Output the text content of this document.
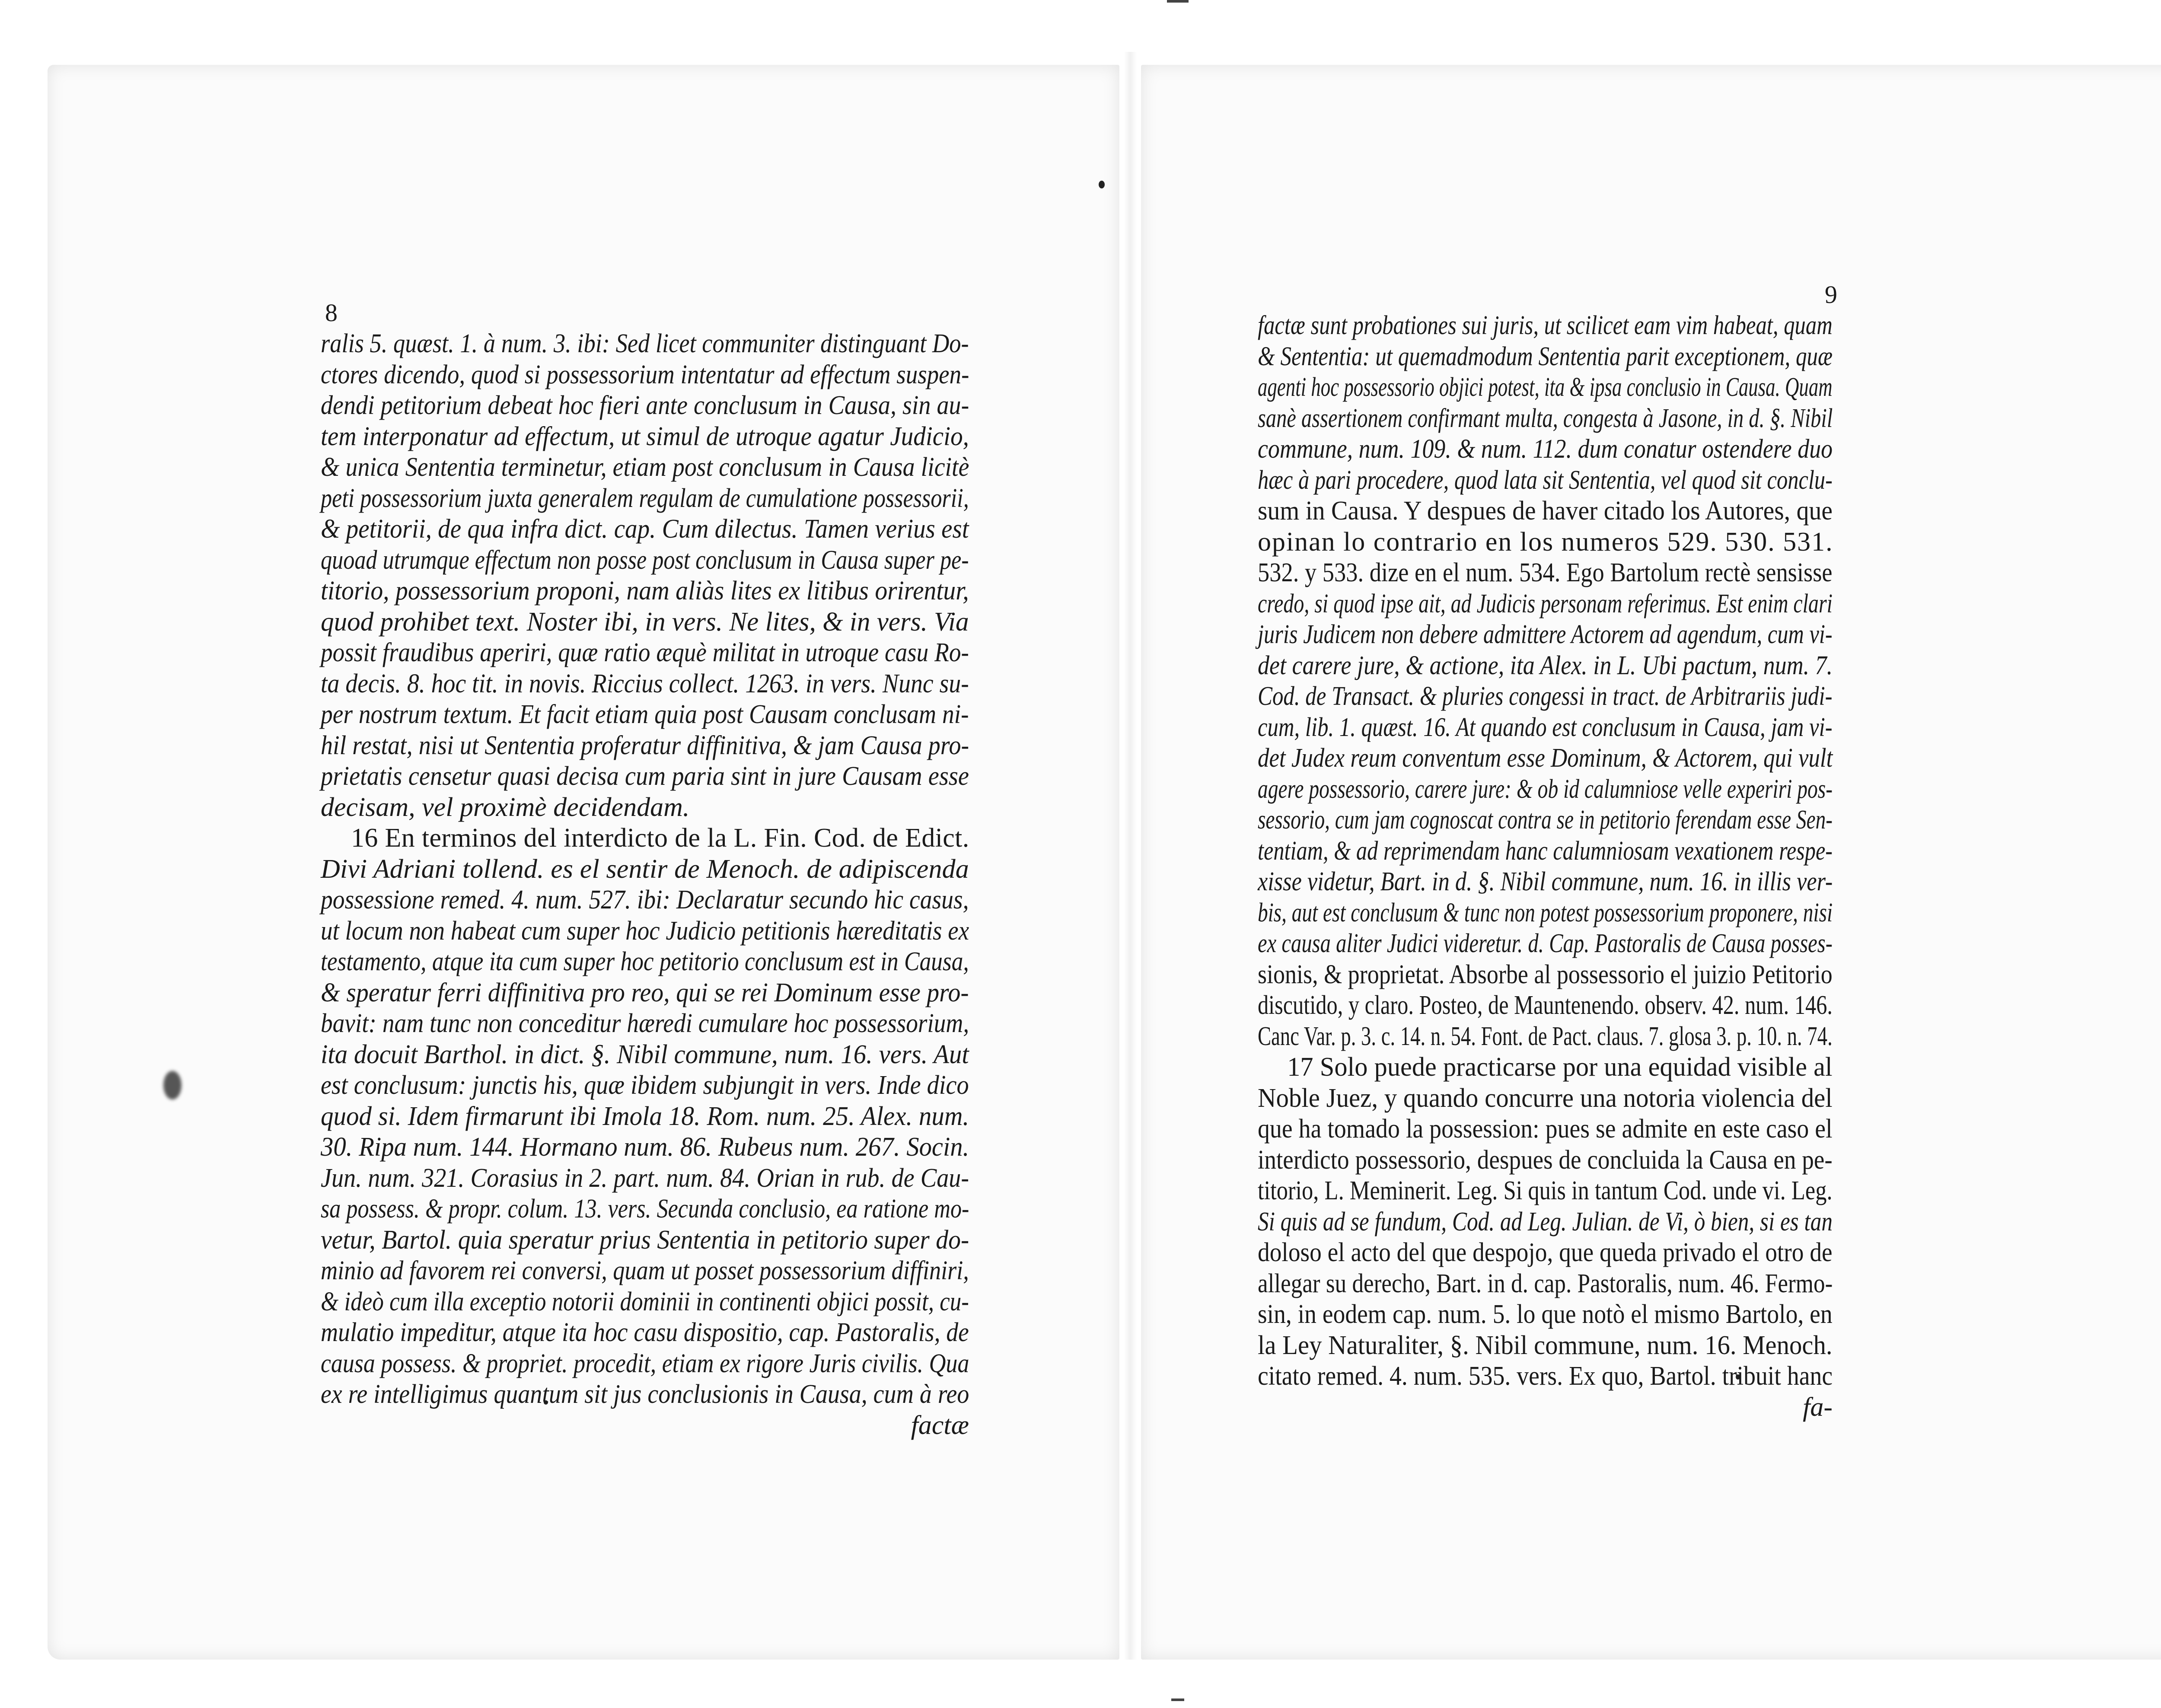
8
9
ralis 5. quæst. 1. à num. 3. ibi: Sed licet communiter distinguant Do-
ctores dicendo, quod si possessorium intentatur ad effectum suspen-
dendi petitorium debeat hoc fieri ante conclusum in Causa, sin au-
tem interponatur ad effectum, ut simul de utroque agatur Judicio,
& unica Sententia terminetur, etiam post conclusum in Causa licitè
peti possessorium juxta generalem regulam de cumulatione possessorii,
& petitorii, de qua infra dict. cap. Cum dilectus. Tamen verius est
quoad utrumque effectum non posse post conclusum in Causa super pe-
titorio, possessorium proponi, nam aliàs lites ex litibus orirentur,
quod prohibet text. Noster ibi, in vers. Ne lites, & in vers. Via
possit fraudibus aperiri, quæ ratio æquè militat in utroque casu Ro-
ta decis. 8. hoc tit. in novis. Riccius collect. 1263. in vers. Nunc su-
per nostrum textum. Et facit etiam quia post Causam conclusam ni-
hil restat, nisi ut Sententia proferatur diffinitiva, & jam Causa pro-
prietatis censetur quasi decisa cum paria sint in jure Causam esse
decisam, vel proximè decidendam.
16 En terminos del interdicto de la L. Fin. Cod. de Edict.
Divi Adriani tollend. es el sentir de Menoch. de adipiscenda
possessione remed. 4. num. 527. ibi: Declaratur secundo hic casus,
ut locum non habeat cum super hoc Judicio petitionis hæreditatis ex
testamento, atque ita cum super hoc petitorio conclusum est in Causa,
& speratur ferri diffinitiva pro reo, qui se rei Dominum esse pro-
bavit: nam tunc non conceditur hæredi cumulare hoc possessorium,
ita docuit Barthol. in dict. §. Nibil commune, num. 16. vers. Aut
est conclusum: junctis his, quæ ibidem subjungit in vers. Inde dico
quod si. Idem firmarunt ibi Imola 18. Rom. num. 25. Alex. num.
30. Ripa num. 144. Hormano num. 86. Rubeus num. 267. Socin.
Jun. num. 321. Corasius in 2. part. num. 84. Orian in rub. de Cau-
sa possess. & propr. colum. 13. vers. Secunda conclusio, ea ratione mo-
vetur, Bartol. quia speratur prius Sententia in petitorio super do-
minio ad favorem rei conversi, quam ut posset possessorium diffiniri,
& ideò cum illa exceptio notorii dominii in continenti objici possit, cu-
mulatio impeditur, atque ita hoc casu dispositio, cap. Pastoralis, de
causa possess. & propriet. procedit, etiam ex rigore Juris civilis. Qua
ex re intelligimus quantum sit jus conclusionis in Causa, cum à reo
factæ
factæ sunt probationes sui juris, ut scilicet eam vim habeat, quam
& Sententia: ut quemadmodum Sententia parit exceptionem, quæ
agenti hoc possessorio objici potest, ita & ipsa conclusio in Causa. Quam
sanè assertionem confirmant multa, congesta à Jasone, in d. §. Nibil
commune, num. 109. & num. 112. dum conatur ostendere duo
hæc à pari procedere, quod lata sit Sententia, vel quod sit conclu-
sum in Causa. Y despues de haver citado los Autores, que
opinan lo contrario en los numeros 529. 530. 531.
532. y 533. dize en el num. 534. Ego Bartolum rectè sensisse
credo, si quod ipse ait, ad Judicis personam referimus. Est enim clari
juris Judicem non debere admittere Actorem ad agendum, cum vi-
det carere jure, & actione, ita Alex. in L. Ubi pactum, num. 7.
Cod. de Transact. & pluries congessi in tract. de Arbitrariis judi-
cum, lib. 1. quæst. 16. At quando est conclusum in Causa, jam vi-
det Judex reum conventum esse Dominum, & Actorem, qui vult
agere possessorio, carere jure: & ob id calumniose velle experiri pos-
sessorio, cum jam cognoscat contra se in petitorio ferendam esse Sen-
tentiam, & ad reprimendam hanc calumniosam vexationem respe-
xisse videtur, Bart. in d. §. Nibil commune, num. 16. in illis ver-
bis, aut est conclusum & tunc non potest possessorium proponere, nisi
ex causa aliter Judici videretur. d. Cap. Pastoralis de Causa posses-
sionis, & proprietat. Absorbe al possessorio el juizio Petitorio
discutido, y claro. Posteo, de Mauntenendo. observ. 42. num. 146.
Canc Var. p. 3. c. 14. n. 54. Font. de Pact. claus. 7. glosa 3. p. 10. n. 74.
17 Solo puede practicarse por una equidad visible al
Noble Juez, y quando concurre una notoria violencia del
que ha tomado la possession: pues se admite en este caso el
interdicto possessorio, despues de concluida la Causa en pe-
titorio, L. Meminerit. Leg. Si quis in tantum Cod. unde vi. Leg.
Si quis ad se fundum, Cod. ad Leg. Julian. de Vi, ò bien, si es tan
doloso el acto del que despojo, que queda privado el otro de
allegar su derecho, Bart. in d. cap. Pastoralis, num. 46. Fermo-
sin, in eodem cap. num. 5. lo que notò el mismo Bartolo, en
la Ley Naturaliter, §. Nibil commune, num. 16. Menoch.
citato remed. 4. num. 535. vers. Ex quo, Bartol. tribuit hanc
fa-
